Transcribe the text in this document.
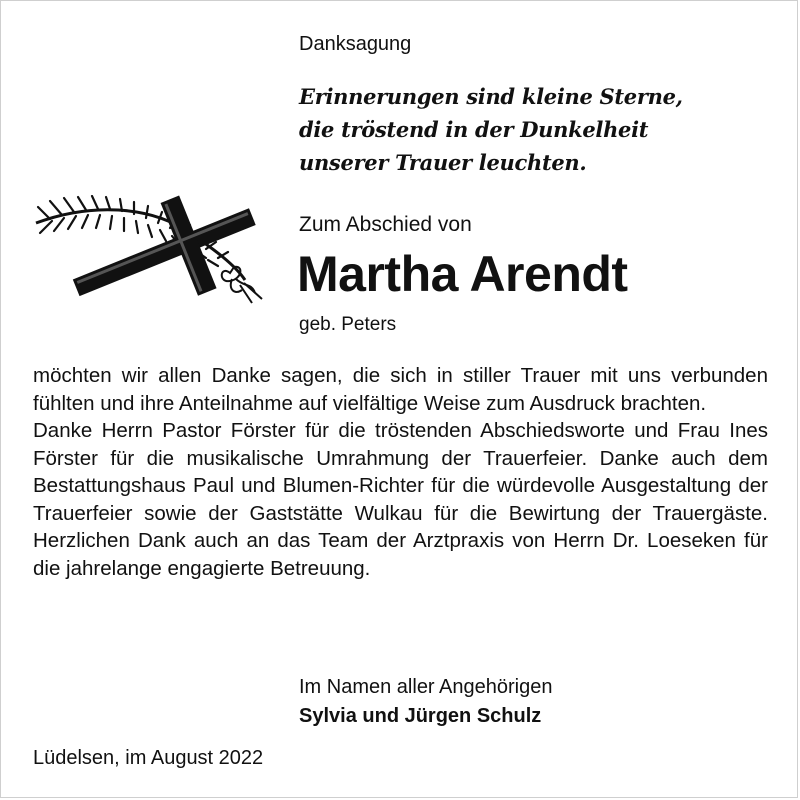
Danksagung
Erinnerungen sind kleine Sterne,
die tröstend in der Dunkelheit
unserer Trauer leuchten.
Zum Abschied von
Martha Arendt
geb. Peters

möchten wir allen Danke sagen, die sich in stiller Trauer mit uns verbunden fühlten und ihre Anteilnahme auf vielfältige Weise zum Ausdruck brachten.

Danke Herrn Pastor Förster für die tröstenden Abschiedsworte und Frau Ines Förster für die musikalische Umrahmung der Trauerfeier. Danke auch dem Bestattungshaus Paul und Blumen-Richter für die würdevolle Ausgestaltung der Trauerfeier sowie der Gaststätte Wulkau für die Bewirtung der Trauergäste. Herzlichen Dank auch an das Team der Arztpraxis von Herrn Dr. Loeseken für die jahrelange engagierte Betreuung.

Im Namen aller Angehörigen
Sylvia und Jürgen Schulz
Lüdelsen, im August 2022
